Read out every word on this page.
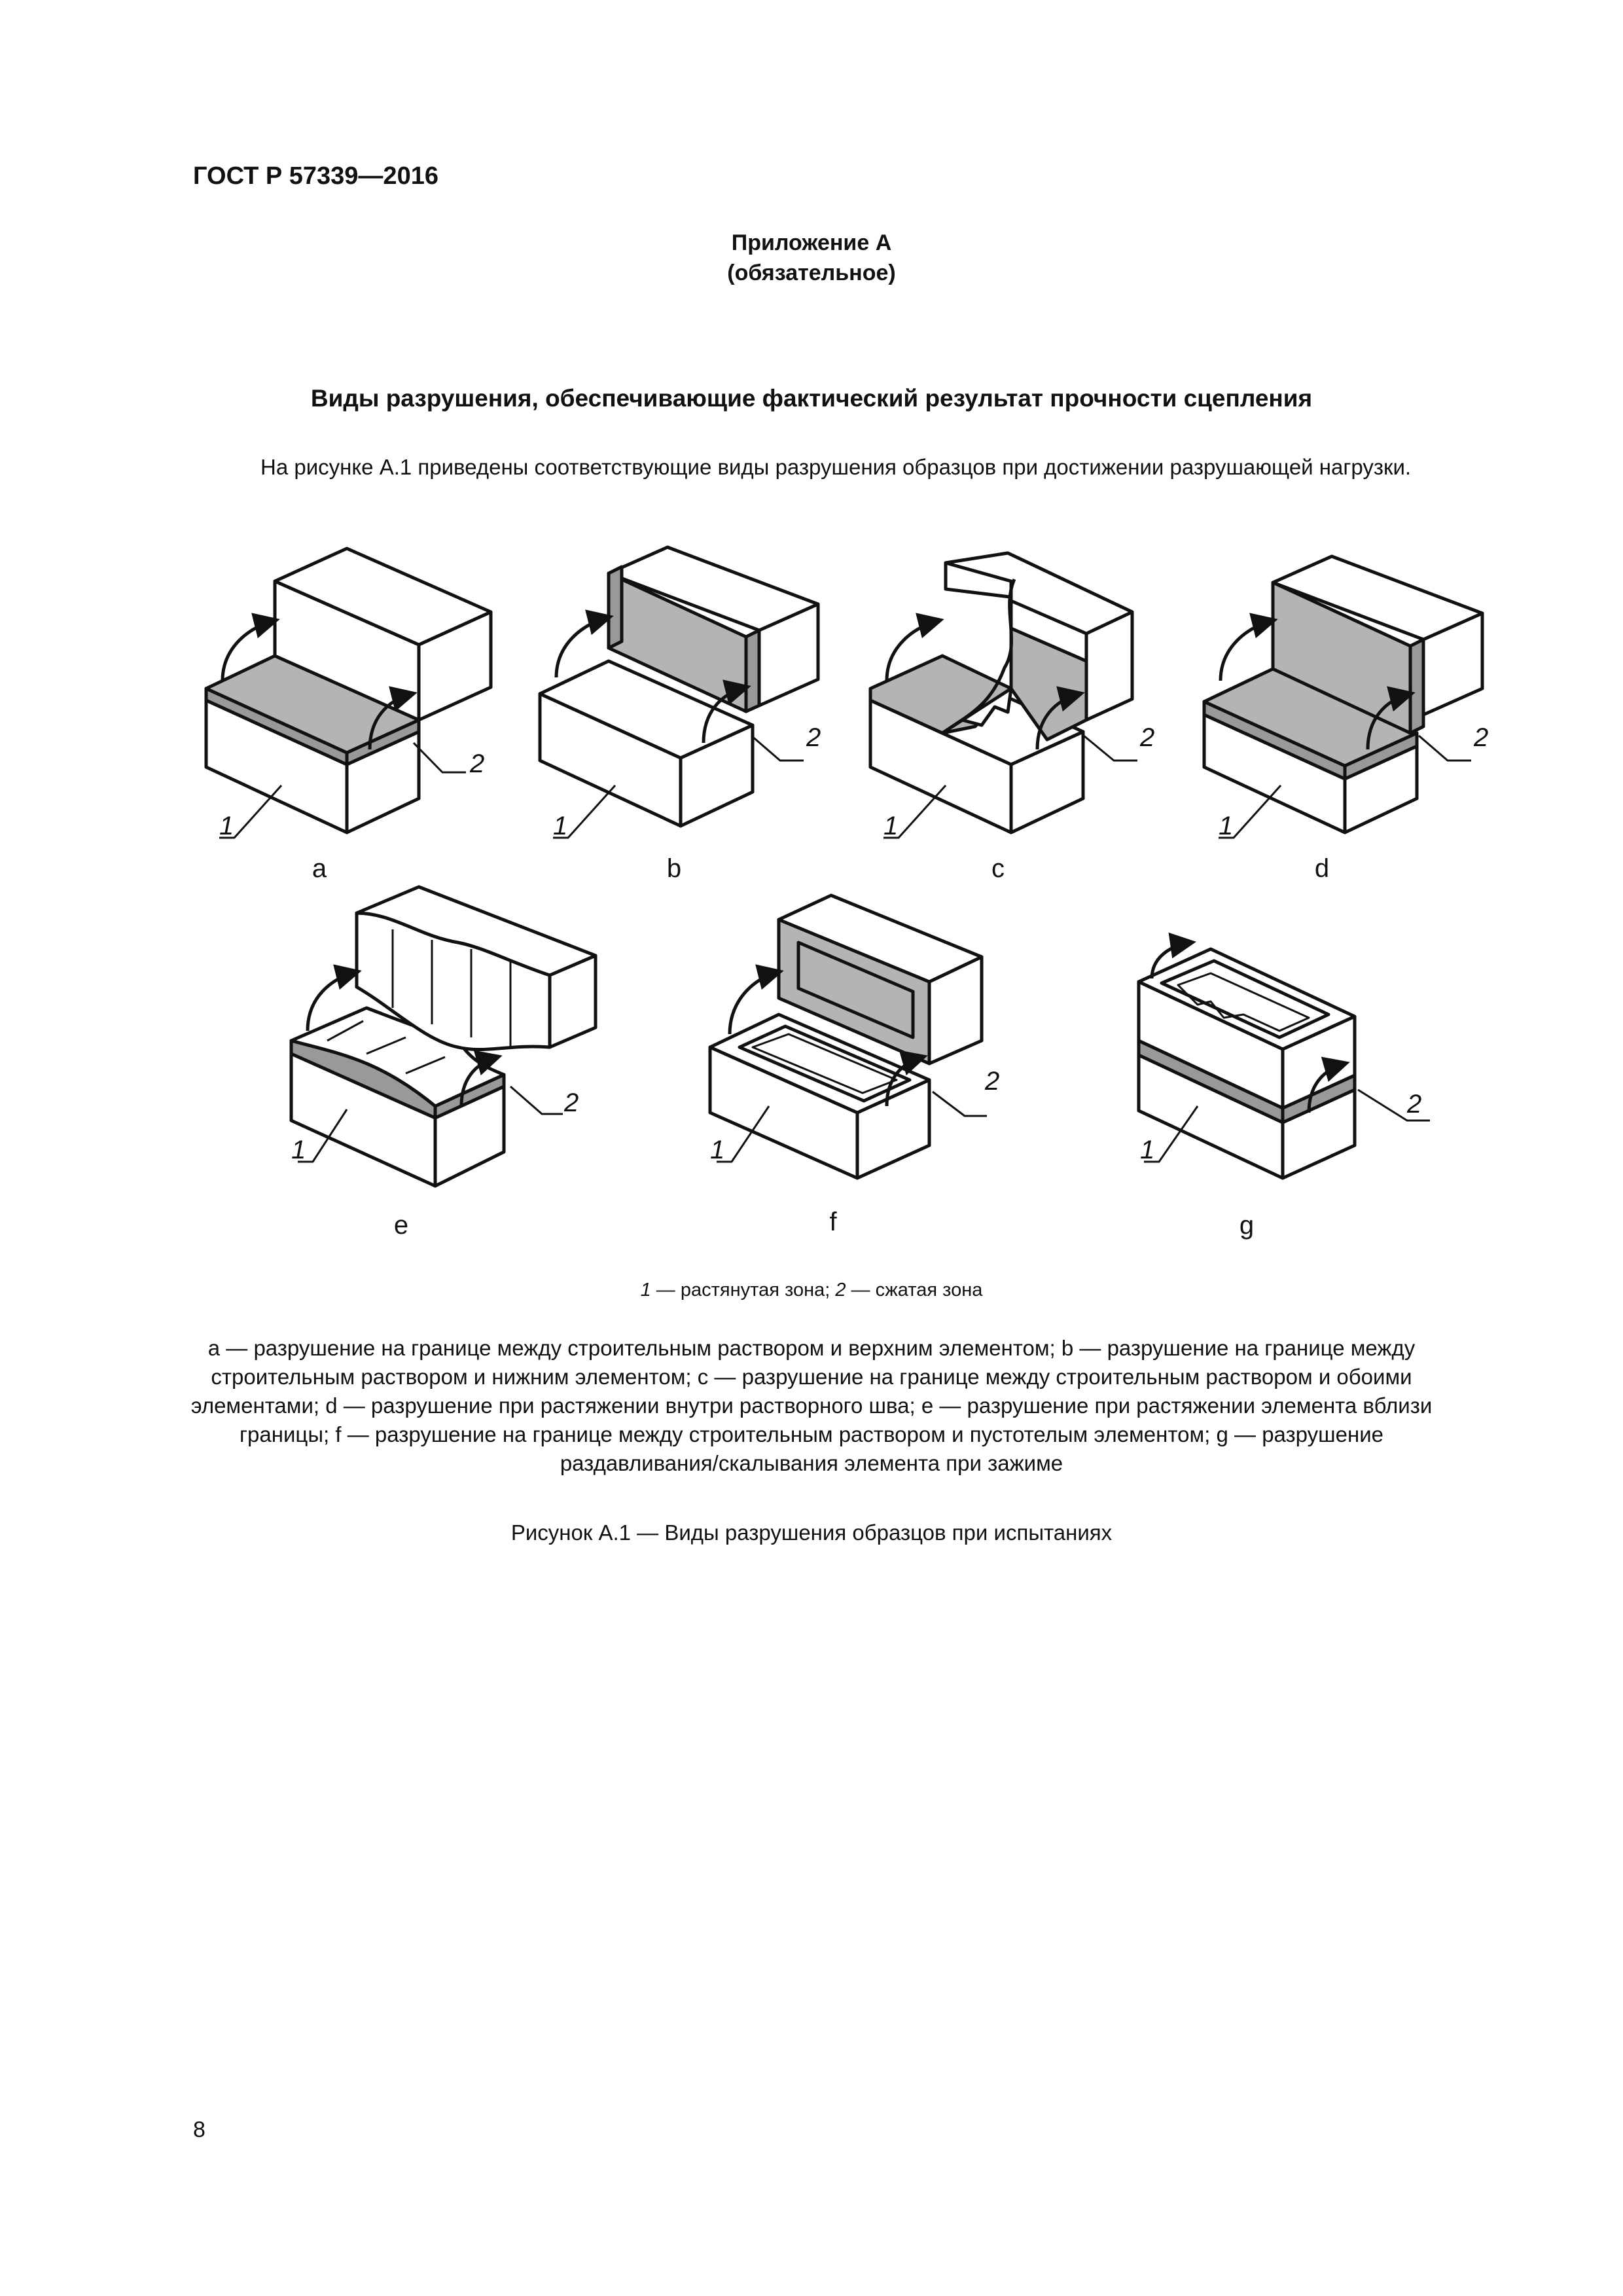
ГОСТ Р 57339—2016
Приложение А
(обязательное)
Виды разрушения, обеспечивающие фактический результат прочности сцепления
На рисунке А.1 приведены соответствующие виды разрушения образцов при достижении разрушающей нагрузки.
1
2
1
2
1
2
1
2
1
2
1
2
1
2
a	b	c	d
e	f	g
1 — растянутая зона; 2 — сжатая зона
a — разрушение на границе между строительным раствором и верхним элементом; b — разрушение на границе между строительным раствором и нижним элементом; c — разрушение на границе между строительным раствором и обоими элементами; d — разрушение при растяжении внутри растворного шва; e — разрушение при растяжении элемента вблизи границы; f — разрушение на границе между строительным раствором и пустотелым элементом; g — разрушение раздавливания/скалывания элемента при зажиме
Рисунок А.1 — Виды разрушения образцов при испытаниях
8
